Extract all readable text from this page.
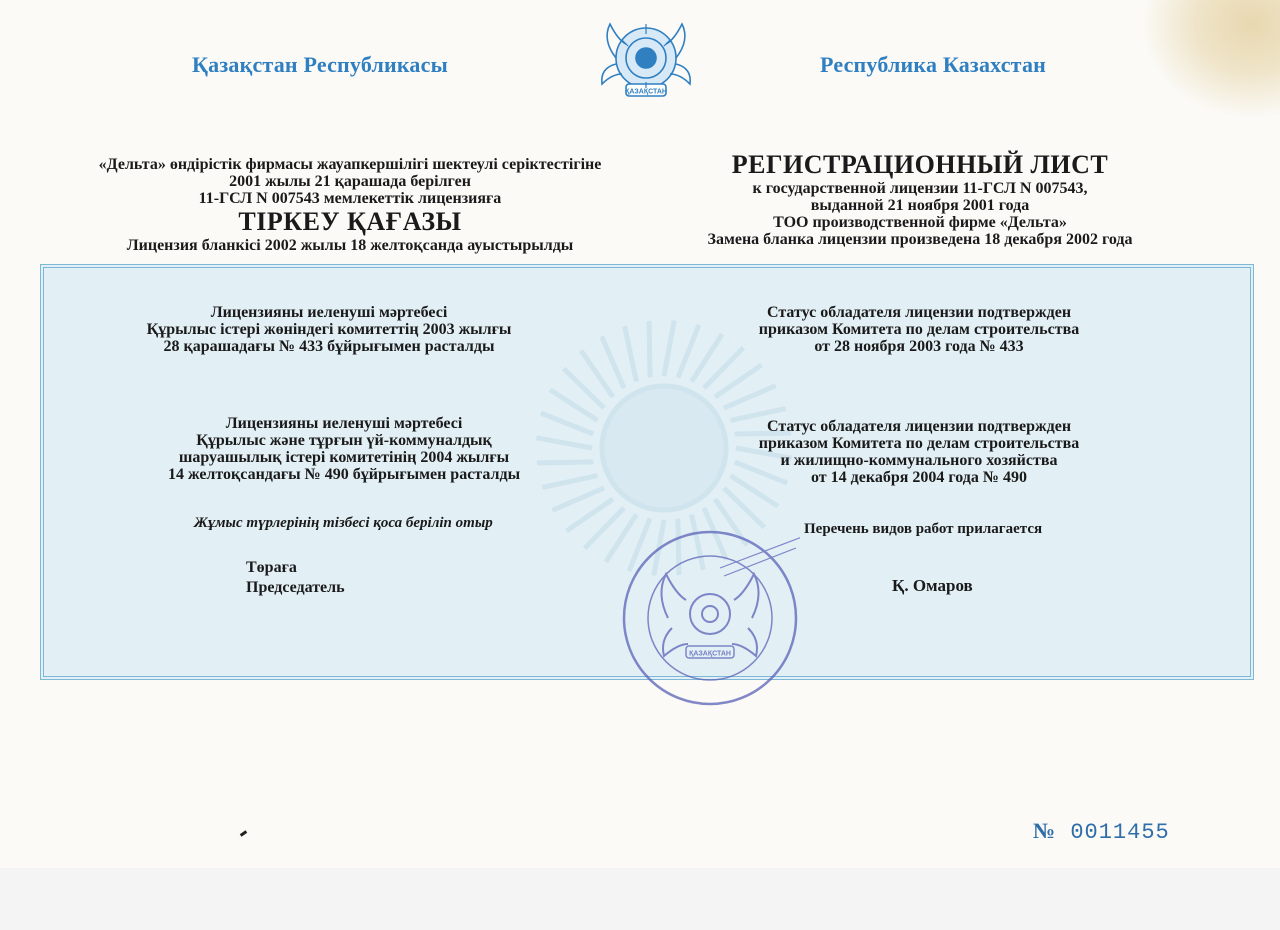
Қазақстан Республикасы	Республика Казахстан
ҚАЗАҚСТАН
«Дельта» өндірістік фирмасы жауапкершілігі шектеулі серіктестігіне
2001 жылы 21 қарашада берілген
11-ГСЛ N 007543 мемлекеттік лицензияға
ТІРКЕУ ҚАҒАЗЫ
Лицензия бланкісі 2002 жылы 18 желтоқсанда ауыстырылды
РЕГИСТРАЦИОННЫЙ ЛИСТ
к государственной лицензии 11-ГСЛ N 007543,
выданной 21 ноября 2001 года
ТОО производственной фирме «Дельта»
Замена бланка лицензии произведена 18 декабря 2002 года
Лицензияны иеленуші мәртебесі
Құрылыс істері жөніндегі комитеттің 2003 жылғы
28 қарашадағы № 433 бұйрығымен расталды
Статус обладателя лицензии подтвержден
приказом Комитета по делам строительства
от 28 ноября 2003 года № 433
Лицензияны иеленуші мәртебесі
Құрылыс және тұрғын үй-коммуналдық
шаруашылық істері комитетінің 2004 жылғы
14 желтоқсандағы № 490 бұйрығымен расталды
Статус обладателя лицензии подтвержден
приказом Комитета по делам строительства
и жилищно-коммунального хозяйства
от 14 декабря 2004 года № 490
Жұмыс түрлерінің тізбесі қоса беріліп отыр	Перечень видов работ прилагается
Төраға
Председатель	Қ. Омаров
ҚАЗАҚСТАН
№ 0011455
